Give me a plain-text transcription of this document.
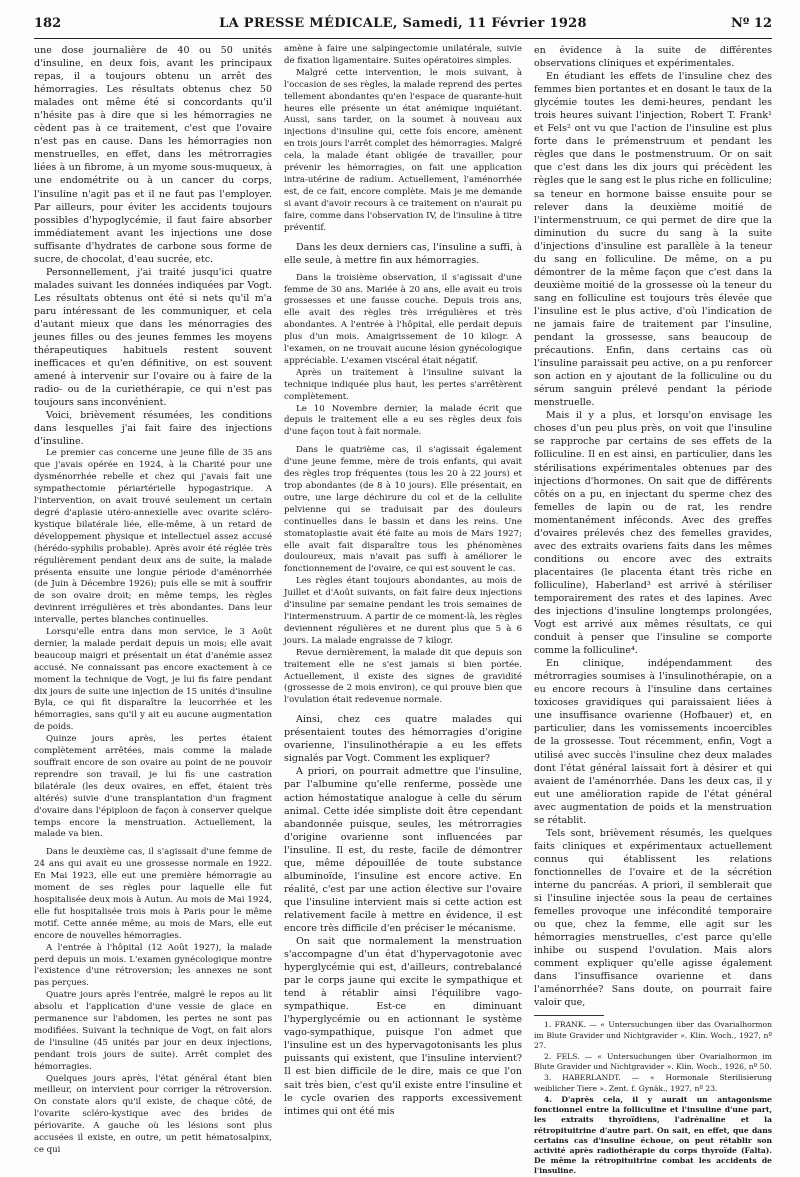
182	LA PRESSE MÉDICALE, Samedi, 11 Février 1928	Nº 12

une dose journalière de 40 ou 50 unités d'insuline, en deux fois, avant les principaux repas, il a toujours obtenu un arrêt des hémorragies. Les résultats obtenus chez 50 malades ont même été si concordants qu'il n'hésite pas à dire que si les hémorragies ne cèdent pas à ce traitement, c'est que l'ovaire n'est pas en cause. Dans les hémorragies non menstruelles, en effet, dans les métrorragies liées à un fibrome, à un myome sous-muqueux, à une endométrite ou à un cancer du corps, l'insuline n'agit pas et il ne faut pas l'employer. Par ailleurs, pour éviter les accidents toujours possibles d'hypoglycémie, il faut faire absorber immédiatement avant les injections une dose suffisante d'hydrates de carbone sous forme de sucre, de chocolat, d'eau sucrée, etc.

Personnellement, j'ai traité jusqu'ici quatre malades suivant les données indiquées par Vogt. Les résultats obtenus ont été si nets qu'il m'a paru intéressant de les communiquer, et cela d'autant mieux que dans les ménorragies des jeunes filles ou des jeunes femmes les moyens thérapeutiques habituels restent souvent inefficaces et qu'en définitive, on est souvent amené à intervenir sur l'ovaire ou à faire de la radio- ou de la curiethérapie, ce qui n'est pas toujours sans inconvénient.

Voici, brièvement résumées, les conditions dans lesquelles j'ai fait faire des injections d'insuline.

Le premier cas concerne une jeune fille de 35 ans que j'avais opérée en 1924, à la Charité pour une dysménorrhée rebelle et chez qui j'avais fait une sympathectomie périartérielle hypogastrique. A l'intervention, on avait trouvé seulement un certain degré d'aplasie utéro-annexielle avec ovarite scléro-kystique bilatérale liée, elle-même, à un retard de développement physique et intellectuel assez accusé (hérédo-syphilis probable). Après avoir été réglée très régulièrement pendant deux ans de suite, la malade présenta ensuite une longue période d'aménorrhée (de Juin à Décembre 1926); puis elle se mit à souffrir de son ovaire droit; en même temps, les règles devinrent irrégulières et très abondantes. Dans leur intervalle, pertes blanches continuelles.

Lorsqu'elle entra dans mon service, le 3 Août dernier, la malade perdait depuis un mois; elle avait beaucoup maigri et présentait un état d'anémie assez accusé. Ne connaissant pas encore exactement à ce moment la technique de Vogt, je lui fis faire pendant dix jours de suite une injection de 15 unités d'insuline Byla, ce qui fit disparaître la leucorrhée et les hémorragies, sans qu'il y ait eu aucune augmentation de poids.

Quinze jours après, les pertes étaient complètement arrêtées, mais comme la malade souffrait encore de son ovaire au point de ne pouvoir reprendre son travail, je lui fis une castration bilatérale (les deux ovaires, en effet, étaient très altérés) suivie d'une transplantation d'un fragment d'ovaire dans l'épiploon de façon à conserver quelque temps encore la menstruation. Actuellement, la malade va bien.

Dans le deuxième cas, il s'agissait d'une femme de 24 ans qui avait eu une grossesse normale en 1922. En Mai 1923, elle eut une première hémorragie au moment de ses règles pour laquelle elle fut hospitalisée deux mois à Autun. Au mois de Mai 1924, elle fut hospitalisée trois mois à Paris pour le même motif. Cette année même, au mois de Mars, elle eut encore de nouvelles hémorragies.

A l'entrée à l'hôpital (12 Août 1927), la malade perd depuis un mois. L'examen gynécologique montre l'existence d'une rétroversion; les annexes ne sont pas perçues.

Quatre jours après l'entrée, malgré le repos au lit absolu et l'application d'une vessie de glace en permanence sur l'abdomen, les pertes ne sont pas modifiées. Suivant la technique de Vogt, on fait alors de l'insuline (45 unités par jour en deux injections, pendant trois jours de suite). Arrêt complet des hémorragies.

Quelques jours après, l'état général étant bien meilleur, on intervient pour corriger la rétroversion. On constate alors qu'il existe, de chaque côté, de l'ovarite scléro-kystique avec des brides de périovarite. A gauche où les lésions sont plus accusées il existe, en outre, un petit hématosalpinx, ce qui

amène à faire une salpingectomie unilatérale, suivie de fixation ligamentaire. Suites opératoires simples.

Malgré cette intervention, le mois suivant, à l'occasion de ses règles, la malade reprend des pertes tellement abondantes qu'en l'espace de quarante-huit heures elle présente un état anémique inquiétant. Aussi, sans tarder, on la soumet à nouveau aux injections d'insuline qui, cette fois encore, amènent en trois jours l'arrêt complet des hémorragies. Malgré cela, la malade étant obligée de travailler, pour prévenir les hémorragies, on fait une application intra-utérine de radium. Actuellement, l'aménorrhée est, de ce fait, encore complète. Mais je me demande si avant d'avoir recours à ce traitement on n'aurait pu faire, comme dans l'observation IV, de l'insuline à titre préventif.

Dans les deux derniers cas, l'insuline a suffi, à elle seule, à mettre fin aux hémorragies.

Dans la troisième observation, il s'agissait d'une femme de 30 ans. Mariée à 20 ans, elle avait eu trois grossesses et une fausse couche. Depuis trois ans, elle avait des règles très irrégulières et très abondantes. A l'entrée à l'hôpital, elle perdait depuis plus d'un mois. Amaigrissement de 10 kilogr. A l'examen, on ne trouvait aucune lésion gynécologique appréciable. L'examen viscéral était négatif.

Après un traitement à l'insuline suivant la technique indiquée plus haut, les pertes s'arrêtèrent complètement.

Le 10 Novembre dernier, la malade écrit que depuis le traitement elle a eu ses règles deux fois d'une façon tout à fait normale.

Dans le quatrième cas, il s'agissait également d'une jeune femme, mère de trois enfants, qui avait des règles trop fréquentes (tous les 20 à 22 jours) et trop abondantes (de 8 à 10 jours). Elle présentait, en outre, une large déchirure du col et de la cellulite pelvienne qui se traduisait par des douleurs continuelles dans le bassin et dans les reins. Une stomatoplastie avait été faite au mois de Mars 1927; elle avait fait disparaître tous les phénomènes douloureux, mais n'avait pas suffi à améliorer le fonctionnement de l'ovaire, ce qui est souvent le cas.

Les règles étant toujours abondantes, au mois de Juillet et d'Août suivants, on fait faire deux injections d'insuline par semaine pendant les trois semaines de l'intermenstruum. A partir de ce moment-là, les règles deviennent régulières et ne durent plus que 5 à 6 jours. La malade engraisse de 7 kilogr.

Revue dernièrement, la malade dit que depuis son traitement elle ne s'est jamais si bien portée. Actuellement, il existe des signes de gravidité (grossesse de 2 mois environ), ce qui prouve bien que l'ovulation était redevenue normale.

Ainsi, chez ces quatre malades qui présentaient toutes des hémorragies d'origine ovarienne, l'insulinothérapie a eu les effets signalés par Vogt. Comment les expliquer?

A priori, on pourrait admettre que l'insuline, par l'albumine qu'elle renferme, possède une action hémostatique analogue à celle du sérum animal. Cette idée simpliste doit être cependant abandonnée puisque, seules, les métrorragies d'origine ovarienne sont influencées par l'insuline. Il est, du reste, facile de démontrer que, même dépouillée de toute substance albuminoïde, l'insuline est encore active. En réalité, c'est par une action élective sur l'ovaire que l'insuline intervient mais si cette action est relativement facile à mettre en évidence, il est encore très difficile d'en préciser le mécanisme.

On sait que normalement la menstruation s'accompagne d'un état d'hypervagotonie avec hyperglycémie qui est, d'ailleurs, contrebalancé par le corps jaune qui excite le sympathique et tend à rétablir ainsi l'équilibre vago-sympathique. Est-ce en diminuant l'hyperglycémie ou en actionnant le système vago-sympathique, puisque l'on admet que l'insuline est un des hypervagotonisants les plus puissants qui existent, que l'insuline intervient? Il est bien difficile de le dire, mais ce que l'on sait très bien, c'est qu'il existe entre l'insuline et le cycle ovarien des rapports excessivement intimes qui ont été mis

en évidence à la suite de différentes observations cliniques et expérimentales.

En étudiant les effets de l'insuline chez des femmes bien portantes et en dosant le taux de la glycémie toutes les demi-heures, pendant les trois heures suivant l'injection, Robert T. Frank¹ et Fels² ont vu que l'action de l'insuline est plus forte dans le prémenstruum et pendant les règles que dans le postmenstruum. Or on sait que c'est dans les dix jours qui précèdent les règles que le sang est le plus riche en folliculine; sa teneur en hormone baisse ensuite pour se relever dans la deuxième moitié de l'intermenstruum, ce qui permet de dire que la diminution du sucre du sang à la suite d'injections d'insuline est parallèle à la teneur du sang en folliculine. De même, on a pu démontrer de la même façon que c'est dans la deuxième moitié de la grossesse où la teneur du sang en folliculine est toujours très élevée que l'insuline est le plus active, d'où l'indication de ne jamais faire de traitement par l'insuline, pendant la grossesse, sans beaucoup de précautions. Enfin, dans certains cas où l'insuline paraissait peu active, on a pu renforcer son action en y ajoutant de la folliculine ou du sérum sanguin prélevé pendant la période menstruelle.

Mais il y a plus, et lorsqu'on envisage les choses d'un peu plus près, on voit que l'insuline se rapproche par certains de ses effets de la folliculine. Il en est ainsi, en particulier, dans les stérilisations expérimentales obtenues par des injections d'hormones. On sait que de différents côtés on a pu, en injectant du sperme chez des femelles de lapin ou de rat, les rendre momentanément inféconds. Avec des greffes d'ovaires prélevés chez des femelles gravides, avec des extraits ovariens faits dans les mêmes conditions ou encore avec des extraits placentaires (le placenta étant très riche en folliculine), Haberland³ est arrivé à stériliser temporairement des rates et des lapines. Avec des injections d'insuline longtemps prolongées, Vogt est arrivé aux mêmes résultats, ce qui conduit à penser que l'insuline se comporte comme la folliculine⁴.

En clinique, indépendamment des métrorragies soumises à l'insulinothérapie, on a eu encore recours à l'insuline dans certaines toxicoses gravidiques qui paraissaient liées à une insuffisance ovarienne (Hofbauer) et, en particulier, dans les vomissements incoercibles de la grossesse. Tout récemment, enfin, Vogt a utilisé avec succès l'insuline chez deux malades dont l'état général laissait fort à désirer et qui avaient de l'aménorrhée. Dans les deux cas, il y eut une amélioration rapide de l'état général avec augmentation de poids et la menstruation se rétablit.

Tels sont, brièvement résumés, les quelques faits cliniques et expérimentaux actuellement connus qui établissent les relations fonctionnelles de l'ovaire et de la sécrétion interne du pancréas. A priori, il semblerait que si l'insuline injectée sous la peau de certaines femelles provoque une infécondité temporaire ou que, chez la femme, elle agit sur les hémorragies menstruelles, c'est parce qu'elle inhibe ou suspend l'ovulation. Mais alors comment expliquer qu'elle agisse également dans l'insuffisance ovarienne et dans l'aménorrhée? Sans doute, on pourrait faire valoir que,

1. FRANK. — « Untersuchungen über das Ovarialhormon im Blute Gravider und Nichtgravider ». Klin. Woch., 1927, nº 27.

2. FELS. — « Untersuchungen über Ovarialhormon im Blute Gravider und Nichtgravider ». Klin. Woch., 1926, nº 50.

3. HABERLANDT. — « Hormonale Sterilisierung weiblicher Tiere ». Zent. f. Gynäk., 1927, nº 23.

4. D'après cela, il y aurait un antagonisme fonctionnel entre la folliculine et l'insuline d'une part, les extraits thyroïdiens, l'adrénaline et la rétropituitrine d'autre part. On sait, en effet, que dans certains cas d'insuline échoue, on peut rétablir son activité après radiothérapie du corps thyroïde (Falta). De même la rétropituitrine combat les accidents de l'insuline.
